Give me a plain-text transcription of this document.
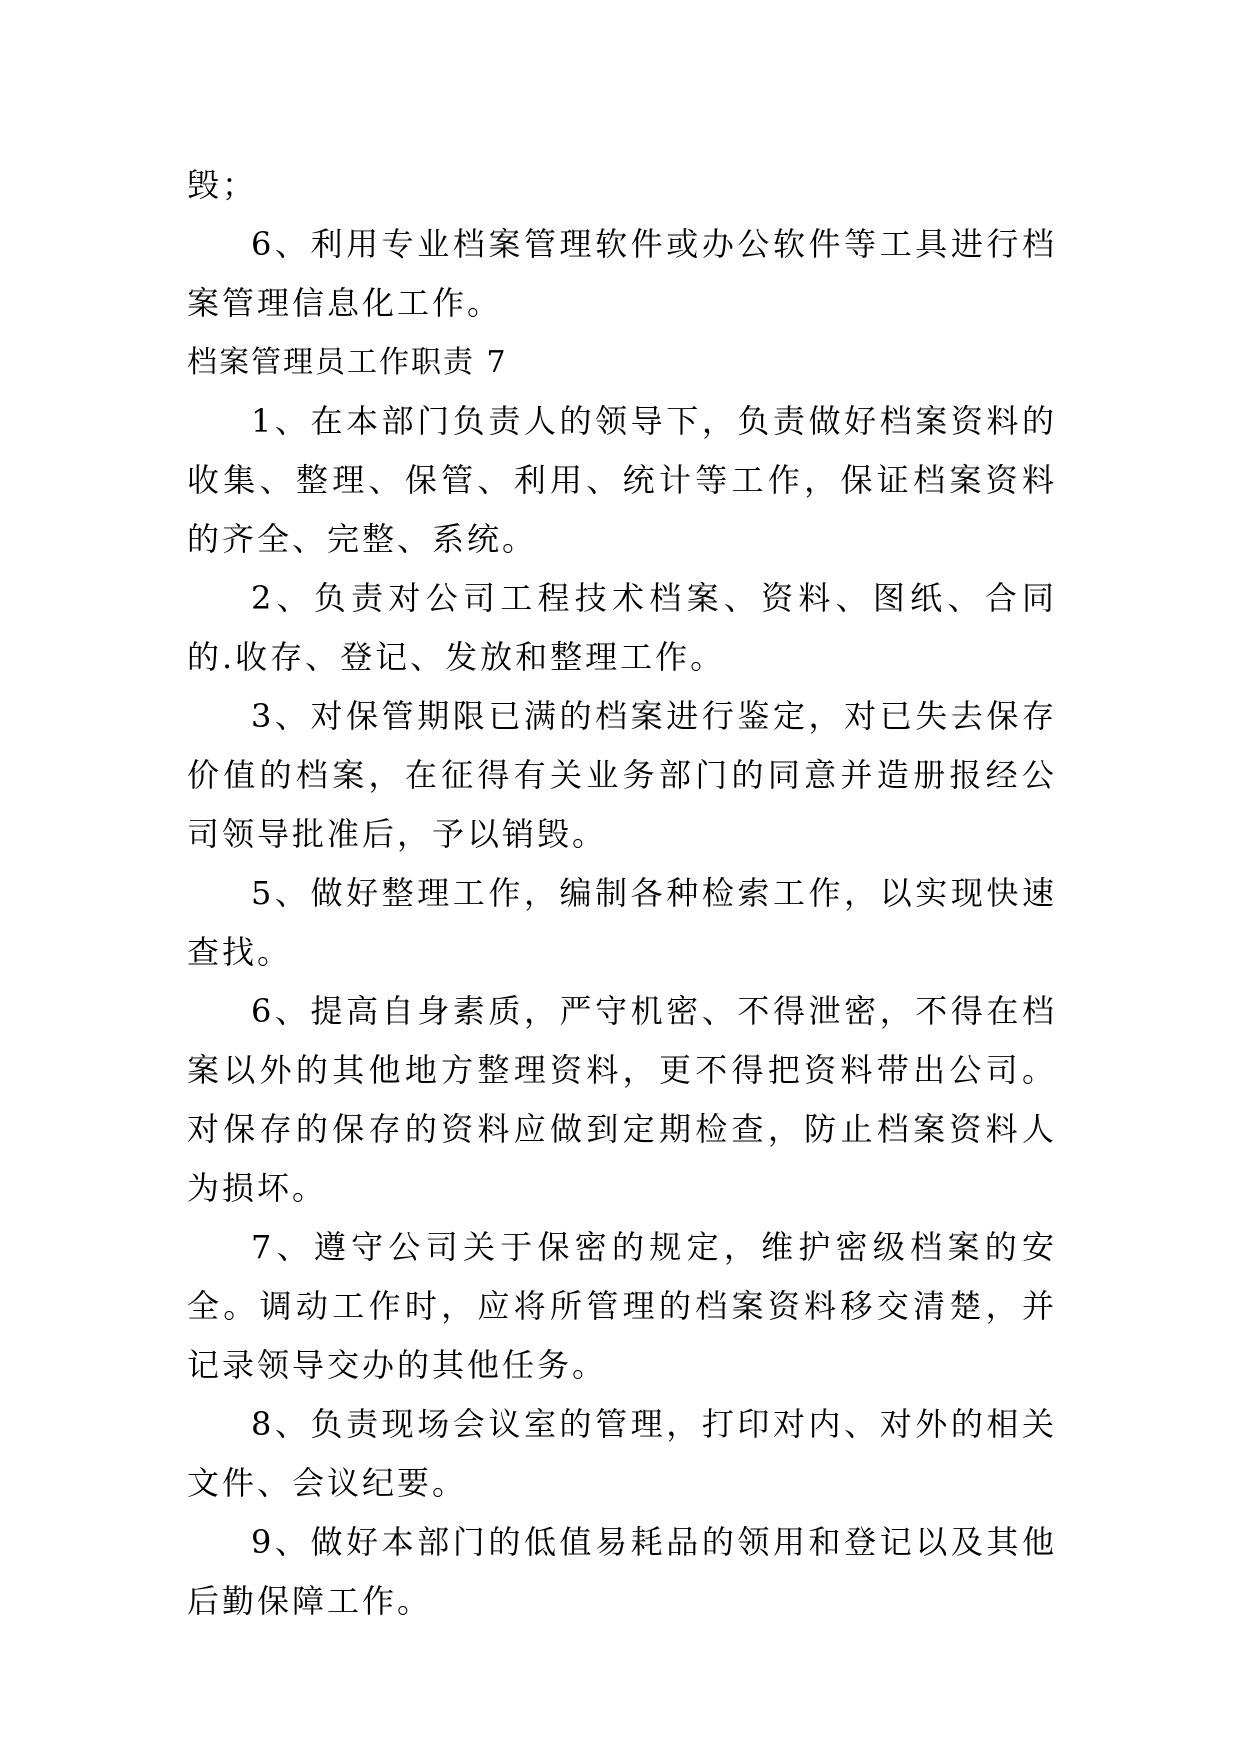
毁；

6、利用专业档案管理软件或办公软件等工具进行档案管理信息化工作。

档案管理员工作职责 7

1、在本部门负责人的领导下，负责做好档案资料的收集、整理、保管、利用、统计等工作，保证档案资料的齐全、完整、系统。

2、负责对公司工程技术档案、资料、图纸、合同的.收存、登记、发放和整理工作。

3、对保管期限已满的档案进行鉴定，对已失去保存价值的档案，在征得有关业务部门的同意并造册报经公司领导批准后，予以销毁。

5、做好整理工作，编制各种检索工作，以实现快速查找。

6、提高自身素质，严守机密、不得泄密，不得在档案以外的其他地方整理资料，更不得把资料带出公司。对保存的保存的资料应做到定期检查，防止档案资料人为损坏。

7、遵守公司关于保密的规定，维护密级档案的安全。调动工作时，应将所管理的档案资料移交清楚，并记录领导交办的其他任务。

8、负责现场会议室的管理，打印对内、对外的相关文件、会议纪要。

9、做好本部门的低值易耗品的领用和登记以及其他后勤保障工作。
